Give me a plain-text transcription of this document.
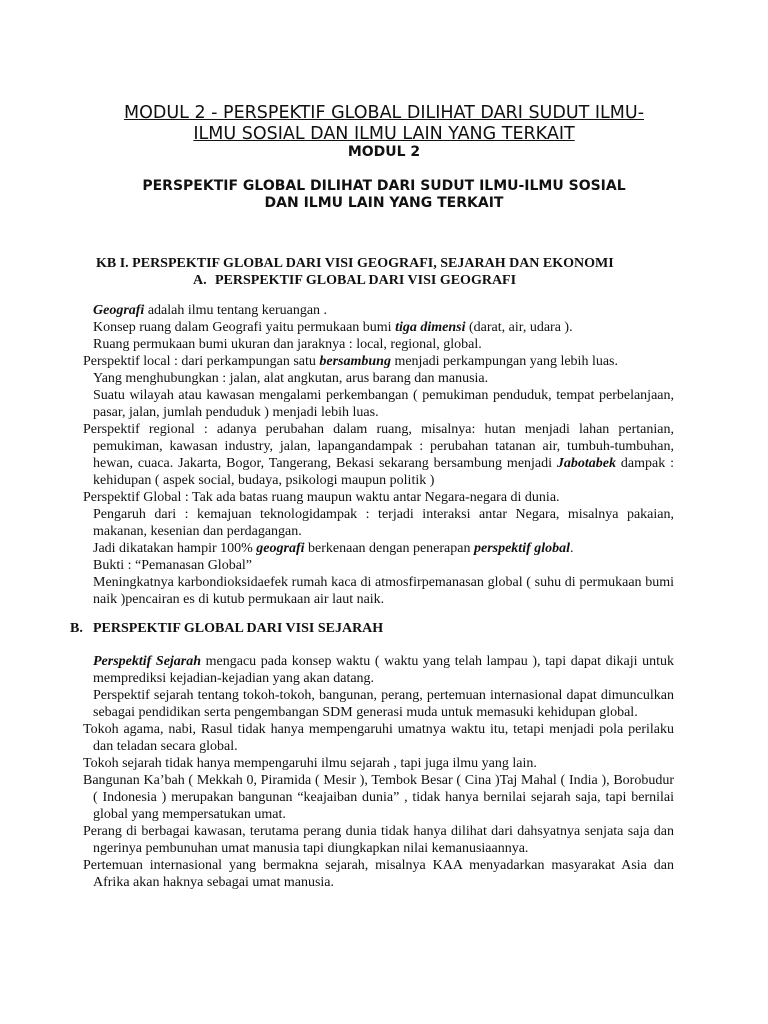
MODUL 2 - PERSPEKTIF GLOBAL DILIHAT DARI SUDUT ILMU-
ILMU SOSIAL DAN ILMU LAIN YANG TERKAIT
MODUL 2
PERSPEKTIF GLOBAL DILIHAT DARI SUDUT ILMU-ILMU SOSIAL
DAN ILMU LAIN YANG TERKAIT
KB I. PERSPEKTIF GLOBAL DARI VISI GEOGRAFI, SEJARAH DAN EKONOMI
A. PERSPEKTIF GLOBAL DARI VISI GEOGRAFI

Geografi adalah ilmu tentang keruangan .

Konsep ruang dalam Geografi yaitu permukaan bumi tiga dimensi (darat, air, udara ).

Ruang permukaan bumi ukuran dan jaraknya : local, regional, global.

Perspektif local : dari perkampungan satu bersambung menjadi perkampungan yang lebih luas.

Yang menghubungkan : jalan, alat angkutan, arus barang dan manusia.

Suatu wilayah atau kawasan mengalami perkembangan ( pemukiman penduduk, tempat perbelanjaan, pasar, jalan, jumlah penduduk ) menjadi lebih luas.

Perspektif regional : adanya perubahan dalam ruang, misalnya: hutan menjadi lahan pertanian, pemukiman, kawasan industry, jalan, lapangandampak : perubahan tatanan air, tumbuh-tumbuhan, hewan, cuaca. Jakarta, Bogor, Tangerang, Bekasi sekarang bersambung menjadi Jabotabek dampak : kehidupan ( aspek social, budaya, psikologi maupun politik )
Perspektif Global : Tak ada batas ruang maupun waktu antar Negara-negara di dunia.

Pengaruh dari : kemajuan teknologidampak : terjadi interaksi antar Negara, misalnya pakaian, makanan, kesenian dan perdagangan.

Jadi dikatakan hampir 100% geografi berkenaan dengan penerapan perspektif global.

Bukti : “Pemanasan Global”

Meningkatnya karbondioksidaefek rumah kaca di atmosfirpemanasan global ( suhu di permukaan bumi naik )pencairan es di kutub permukaan air laut naik.

B. PERSPEKTIF GLOBAL DARI VISI SEJARAH

Perspektif Sejarah mengacu pada konsep waktu ( waktu yang telah lampau ), tapi dapat dikaji untuk memprediksi kejadian-kejadian yang akan datang.

Perspektif sejarah tentang tokoh-tokoh, bangunan, perang, pertemuan internasional dapat dimunculkan sebagai pendidikan serta pengembangan SDM generasi muda untuk memasuki kehidupan global.

Tokoh agama, nabi, Rasul tidak hanya mempengaruhi umatnya waktu itu, tetapi menjadi pola perilaku dan teladan secara global.
Tokoh sejarah tidak hanya mempengaruhi ilmu sejarah , tapi juga ilmu yang lain.
Bangunan Ka’bah ( Mekkah 0, Piramida ( Mesir ), Tembok Besar ( Cina )Taj Mahal ( India ), Borobudur ( Indonesia ) merupakan bangunan “keajaiban dunia” , tidak hanya bernilai sejarah saja, tapi bernilai global yang mempersatukan umat.
Perang di berbagai kawasan, terutama perang dunia tidak hanya dilihat dari dahsyatnya senjata saja dan ngerinya pembunuhan umat manusia tapi diungkapkan nilai kemanusiaannya.
Pertemuan internasional yang bermakna sejarah, misalnya KAA menyadarkan masyarakat Asia dan Afrika akan haknya sebagai umat manusia.
